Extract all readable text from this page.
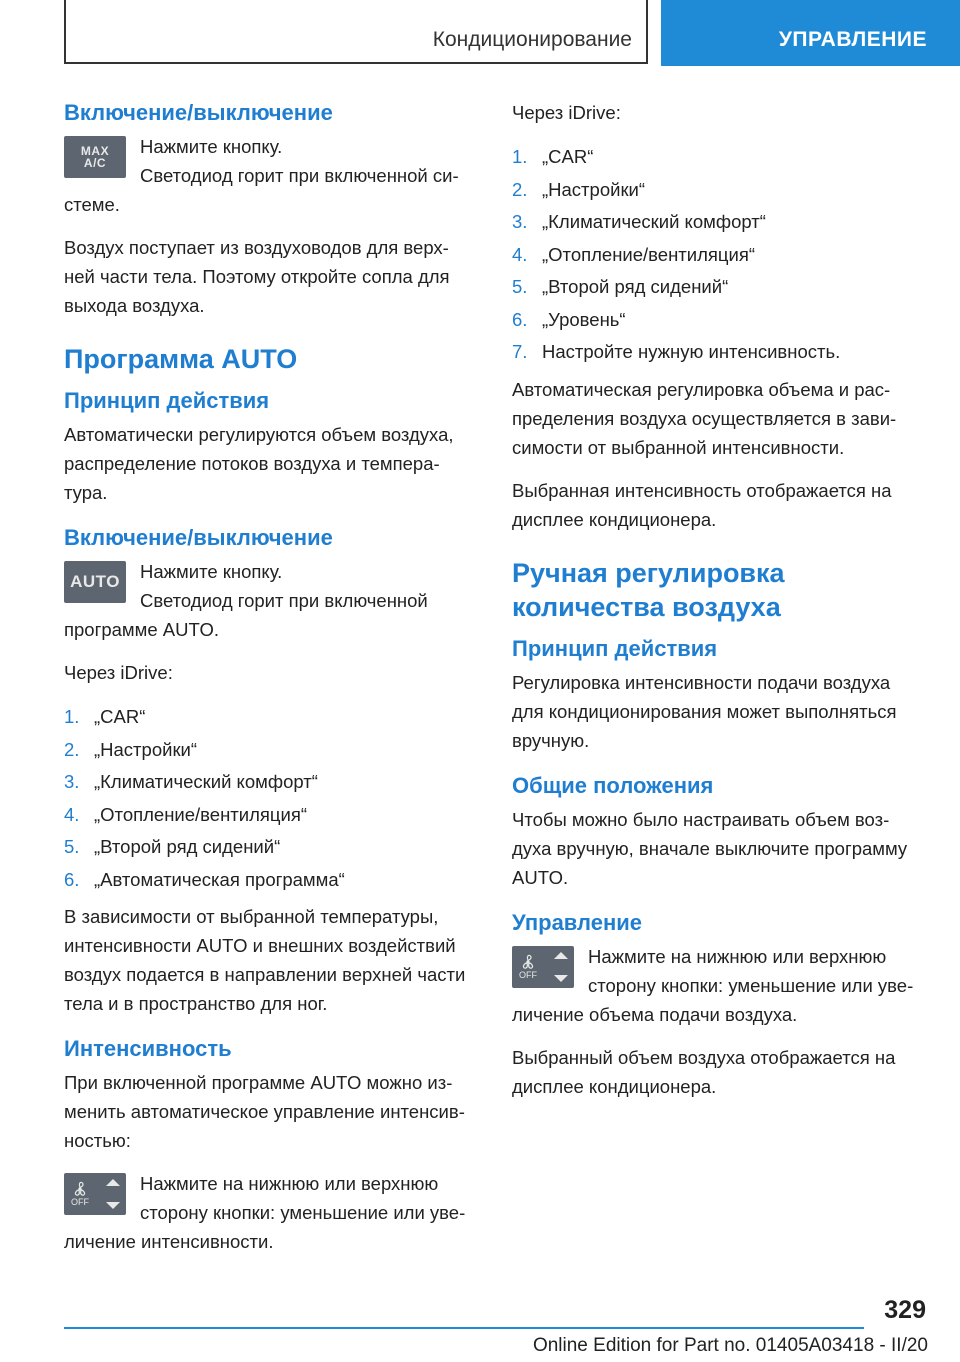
Кондиционирование	УПРАВЛЕНИЕ
Включение/выключение
MAX
A/C
Нажмите кнопку.
Светодиод горит при включенной си- стеме.
Воздух поступает из воздуховодов для верх- ней части тела. Поэтому откройте сопла для выхода воздуха.
Программа AUTO
Принцип действия
Автоматически регулируются объем воздуха, распределение потоков воздуха и темпера- тура.
Включение/выключение
AUTO	Нажмите кнопку.
Светодиод горит при включенной программе AUTO.
Через iDrive:
1. „CAR“
2. „Настройки“
3. „Климатический комфорт“
4. „Отопление/вентиляция“
5. „Второй ряд сидений“
6. „Автоматическая программа“
В зависимости от выбранной температуры, интенсивности AUTO и внешних воздействий воздух подается в направлении верхней части тела и в пространство для ног.
Интенсивность
При включенной программе AUTO можно из- менить автоматическое управление интенсив- ностью:
OFF
Нажмите на нижнюю или верхнюю сторону кнопки: уменьшение или уве- личение интенсивности.
Через iDrive:
1. „CAR“
2. „Настройки“
3. „Климатический комфорт“
4. „Отопление/вентиляция“
5. „Второй ряд сидений“
6. „Уровень“
7. Настройте нужную интенсивность.
Автоматическая регулировка объема и рас- пределения воздуха осуществляется в зави- симости от выбранной интенсивности.
Выбранная интенсивность отображается на дисплее кондиционера.
Ручная регулировка количества воздуха
Принцип действия
Регулировка интенсивности подачи воздуха для кондиционирования может выполняться вручную.
Общие положения
Чтобы можно было настраивать объем воз- духа вручную, вначале выключите программу AUTO.
Управление
OFF
Нажмите на нижнюю или верхнюю сторону кнопки: уменьшение или уве- личение объема подачи воздуха.
Выбранный объем воздуха отображается на дисплее кондиционера.
329
Online Edition for Part no. 01405A03418 - II/20
